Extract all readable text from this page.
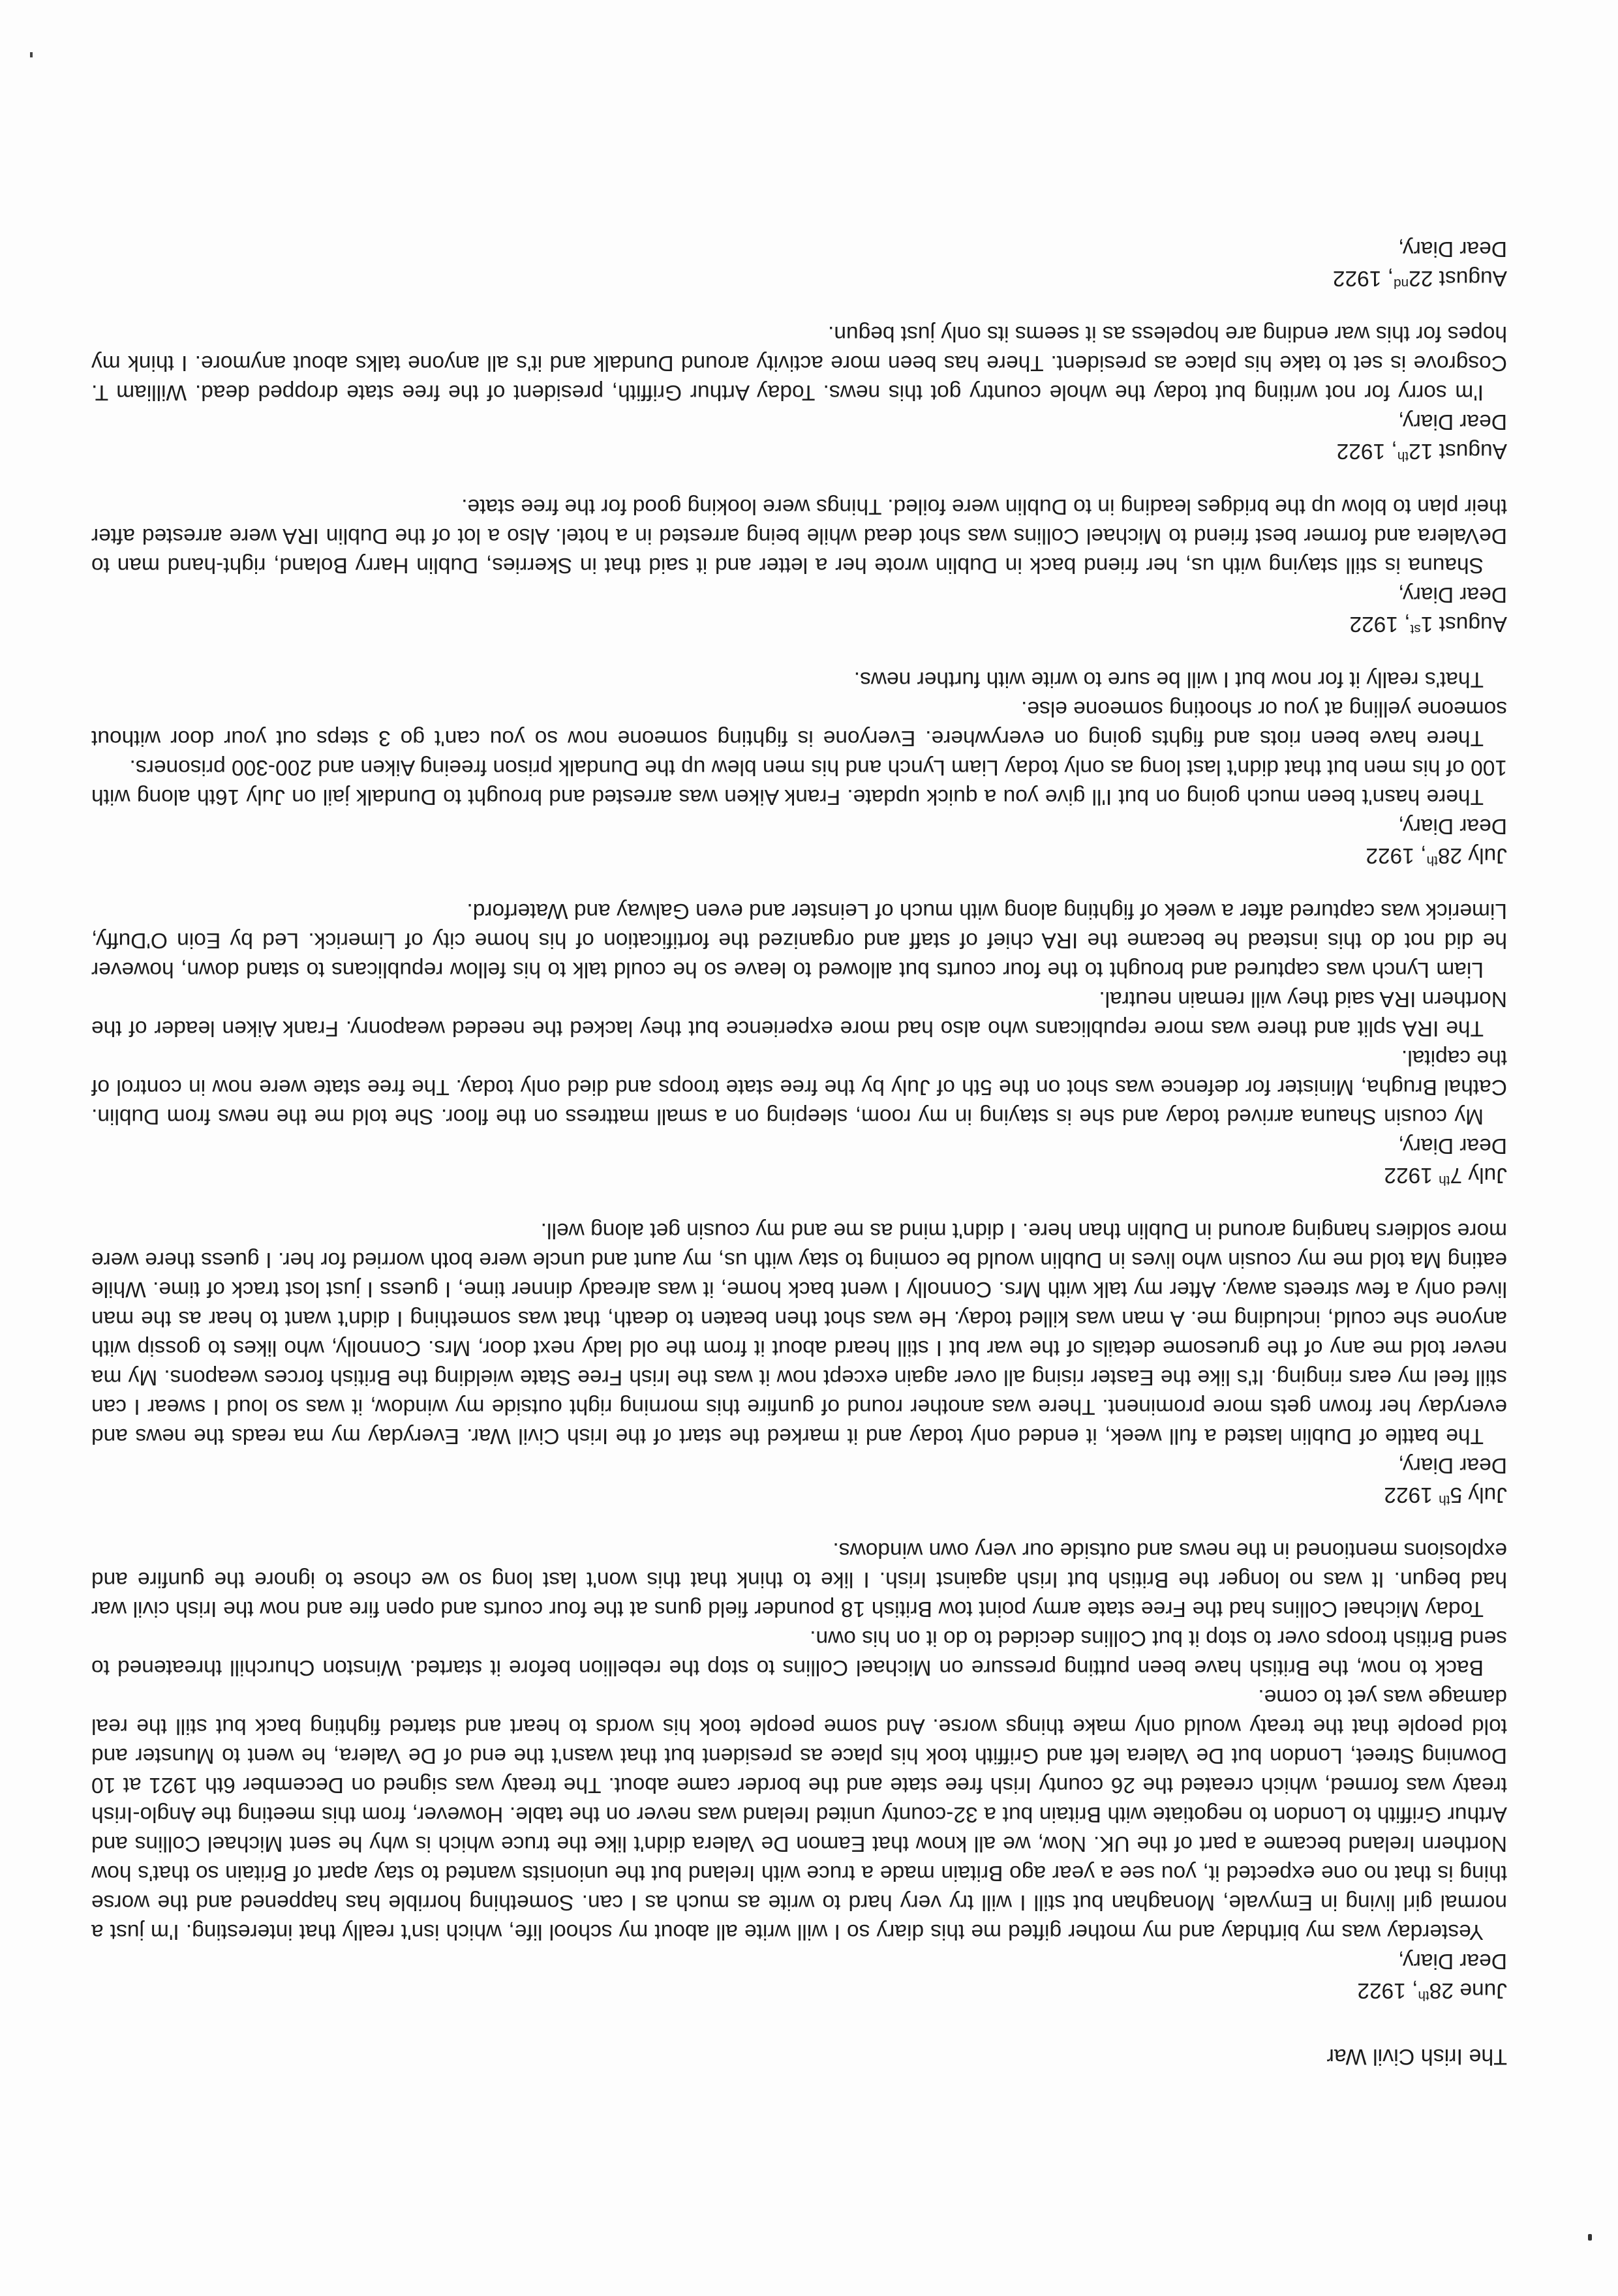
The Irish Civil War

June 28th, 1922

Dear Diary,

Yesterday was my birthday and my mother gifted me this diary so I will write all about my school life, which isn't really that interesting. I'm just a normal girl living in Emyvale, Monaghan but still I will try very hard to write as much as I can. Something horrible has happened and the worse thing is that no one expected it, you see a year ago Britain made a truce with Ireland but the unionists wanted to stay apart of Britain so that's how Northern Ireland became a part of the UK. Now, we all know that Eamon De Valera didn't like the truce which is why he sent Michael Collins and Arthur Griffith to London to negotiate with Britain but a 32-county united Ireland was never on the table. However, from this meeting the Anglo-Irish treaty was formed, which created the 26 county Irish free state and the border came about. The treaty was signed on December 6th 1921 at 10 Downing Street, London but De Valera left and Griffith took his place as president but that wasn't the end of De Valera, he went to Munster and told people that the treaty would only make things worse. And some people took his words to heart and started fighting back but still the real damage was yet to come.

Back to now, the British have been putting pressure on Michael Collins to stop the rebellion before it started. Winston Churchill threatened to send British troops over to stop it but Collins decided to do it on his own.

Today Michael Collins had the Free state army point tow British 18 pounder field guns at the four courts and open fire and now the Irish civil war had begun. It was no longer the British but Irish against Irish. I like to think that this won't last long so we chose to ignore the gunfire and explosions mentioned in the news and outside our very own windows.

July 5th 1922

Dear Diary,

The battle of Dublin lasted a full week, it ended only today and it marked the start of the Irish Civil War. Everyday my ma reads the news and everyday her frown gets more prominent. There was another round of gunfire this morning right outside my window, it was so loud I swear I can still feel my ears ringing. It's like the Easter rising all over again except now it was the Irish Free State wielding the British forces weapons. My ma never told me any of the gruesome details of the war but I still heard about it from the old lady next door, Mrs. Connolly, who likes to gossip with anyone she could, including me. A man was killed today. He was shot then beaten to death, that was something I didn't want to hear as the man lived only a few streets away. After my talk with Mrs. Connolly I went back home, it was already dinner time, I guess I just lost track of time. While eating Ma told me my cousin who lives in Dublin would be coming to stay with us, my aunt and uncle were both worried for her. I guess there were more soldiers hanging around in Dublin than here. I didn't mind as me and my cousin get along well.

July 7th 1922

Dear Diary,

My cousin Shauna arrived today and she is staying in my room, sleeping on a small mattress on the floor. She told me the news from Dublin. Cathal Brugha, Minister for defence was shot on the 5th of July by the free state troops and died only today. The free state were now in control of the capital.

The IRA split and there was more republicans who also had more experience but they lacked the needed weaponry. Frank Aiken leader of the Northern IRA said they will remain neutral.

Liam Lynch was captured and brought to the four courts but allowed to leave so he could talk to his fellow republicans to stand down, however he did not do this instead he became the IRA chief of staff and organized the fortification of his home city of Limerick. Led by Eoin O'Duffy, Limerick was captured after a week of fighting along with much of Leinster and even Galway and Waterford.

July 28th, 1922

Dear Diary,

There hasn't been much going on but I'll give you a quick update. Frank Aiken was arrested and brought to Dundalk jail on July 16th along with 100 of his men but that didn't last long as only today Liam Lynch and his men blew up the Dundalk prison freeing Aiken and 200-300 prisoners.

There have been riots and fights going on everywhere. Everyone is fighting someone now so you can't go 3 steps out your door without someone yelling at you or shooting someone else.

That's really it for now but I will be sure to write with further news.

August 1st, 1922

Dear Diary,

Shauna is still staying with us, her friend back in Dublin wrote her a letter and it said that in Skerries, Dublin Harry Boland, right-hand man to DeValera and former best friend to Michael Collins was shot dead while being arrested in a hotel. Also a lot of the Dublin IRA were arrested after their plan to blow up the bridges leading in to Dublin were foiled. Things were looking good for the free state.

August 12th, 1922

Dear Diary,

I'm sorry for not writing but today the whole country got this news. Today Arthur Griffith, president of the free state dropped dead. William T. Cosgrove is set to take his place as president. There has been more activity around Dundalk and it's all anyone talks about anymore. I think my hopes for this war ending are hopeless as it seems its only just begun.

August 22nd, 1922

Dear Diary,
